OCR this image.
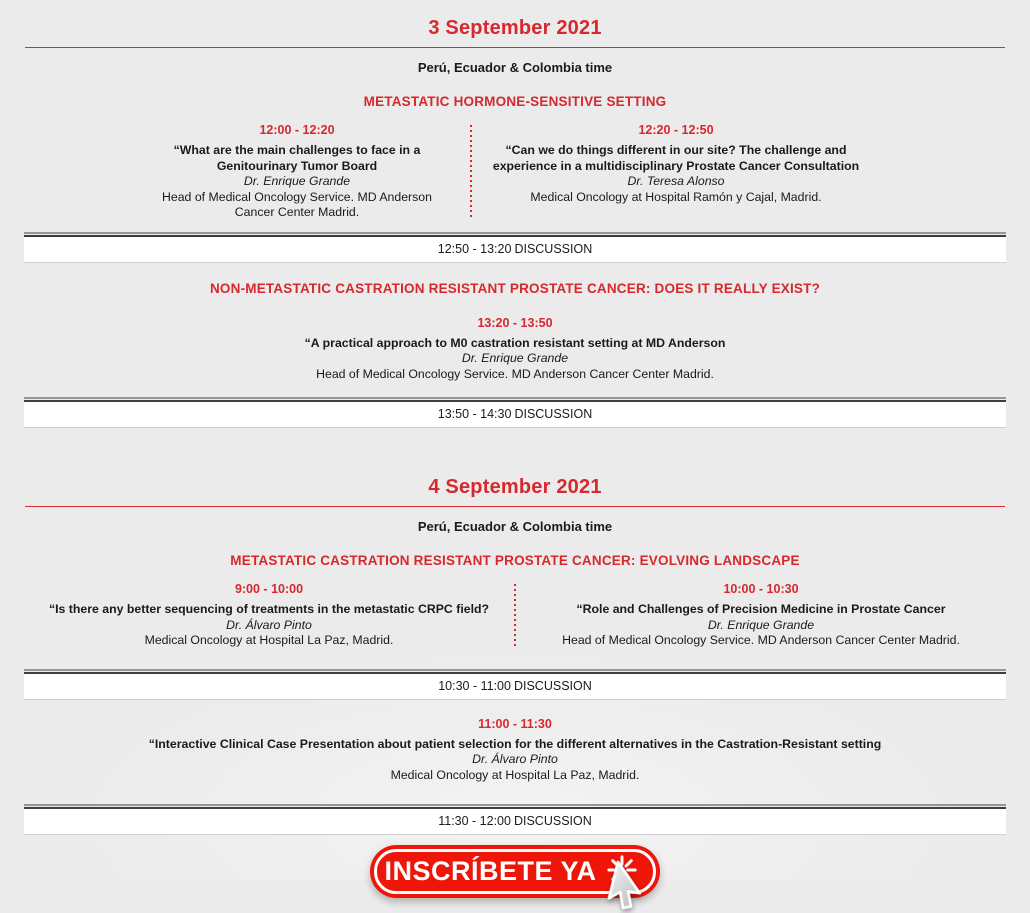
3 September 2021
Perú, Ecuador & Colombia time
METASTATIC HORMONE-SENSITIVE SETTING
12:00 - 12:20
“What are the main challenges to face in a
Genitourinary Tumor Board
Dr. Enrique Grande
Head of Medical Oncology Service. MD Anderson
Cancer Center Madrid.
12:20 - 12:50
“Can we do things different in our site? The challenge and
experience in a multidisciplinary Prostate Cancer Consultation
Dr. Teresa Alonso
Medical Oncology at Hospital Ramón y Cajal, Madrid.
12:50 - 13:20 DISCUSSION
NON-METASTATIC CASTRATION RESISTANT PROSTATE CANCER: DOES IT REALLY EXIST?
13:20 - 13:50
“A practical approach to M0 castration resistant setting at MD Anderson
Dr. Enrique Grande
Head of Medical Oncology Service. MD Anderson Cancer Center Madrid.
13:50 - 14:30 DISCUSSION
4 September 2021
Perú, Ecuador & Colombia time
METASTATIC CASTRATION RESISTANT PROSTATE CANCER: EVOLVING LANDSCAPE
9:00 - 10:00
“Is there any better sequencing of treatments in the metastatic CRPC field?
Dr. Álvaro Pinto
Medical Oncology at Hospital La Paz, Madrid.
10:00 - 10:30
“Role and Challenges of Precision Medicine in Prostate Cancer
Dr. Enrique Grande
Head of Medical Oncology Service. MD Anderson Cancer Center Madrid.
10:30 - 11:00 DISCUSSION
11:00 - 11:30
“Interactive Clinical Case Presentation about patient selection for the different alternatives in the Castration-Resistant setting
Dr. Álvaro Pinto
Medical Oncology at Hospital La Paz, Madrid.
11:30 - 12:00 DISCUSSION
INSCRÍBETE YA
